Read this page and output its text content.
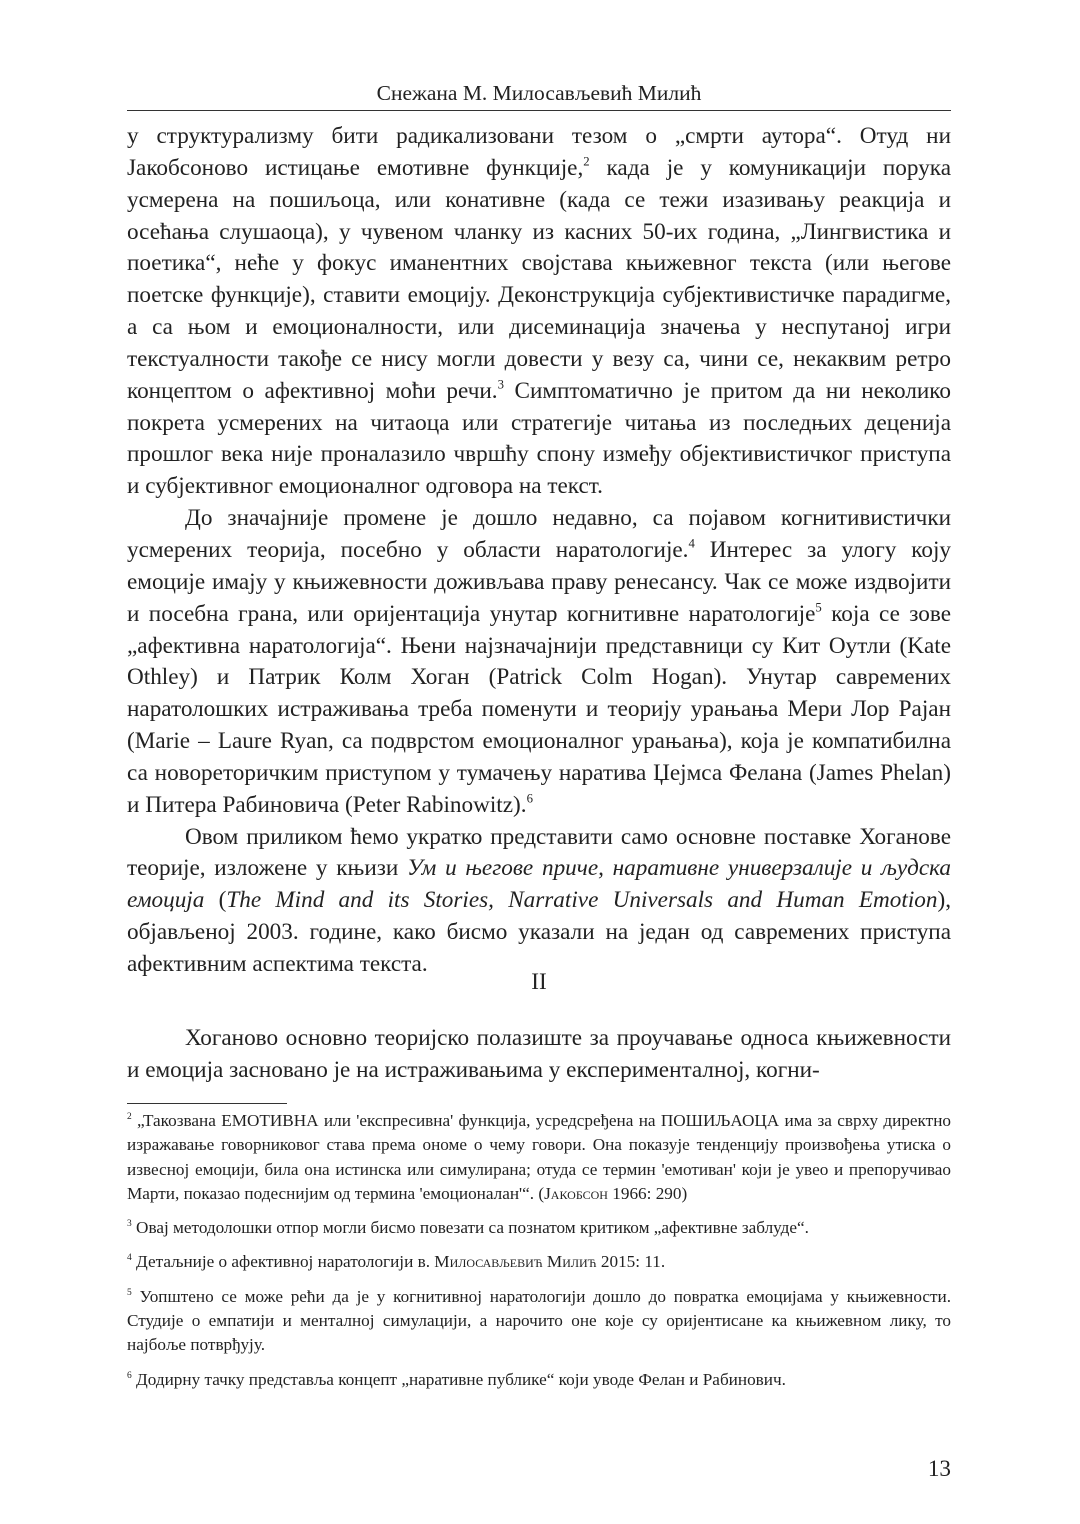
Снежана М. Милосављевић Милић

у структурализму бити радикализовани тезом о „смрти аутора“. Отуд ни Јакобсоново истицање емотивне функције,$^2$ када је у комуникацији порука усмерена на пошиљоца, или конативне (када се тежи изазивању реакција и осећања слушаоца), у чувеном чланку из касних 50-их година, „Лингвистика и поетика“, неће у фокус иманентних својстава књижевног текста (или његове поетске функције), ставити емоцију. Деконструкција субјективистичке парадигме, а са њом и емоционалности, или дисеминација значења у неспутаној игри текстуалности такође се нису могли довести у везу са, чини се, некаквим ретро концептом о афективној моћи речи.$^3$ Симптоматично је притом да ни неколико покрета усмерених на читаоца или стратегије читања из последњих деценија прошлог века није проналазило чвршћу спону између објективистичког приступа и субјективног емоционалног одговора на текст.

До значајније промене је дошло недавно, са појавом когнитивистички усмерених теорија, посебно у области наратологије.$^4$ Интерес за улогу коју емоције имају у књижевности доживљава праву ренесансу. Чак се може издвојити и посебна грана, или оријентација унутар когнитивне наратологије$^5$ која се зове „афективна наратологија“. Њени најзначајнији представници су Кит Оутли (Kate Othley) и Патрик Колм Хоган (Patrick Colm Hogan). Унутар савремених наратолошких истраживања треба поменути и теорију урањања Мери Лор Рајан (Marie – Laure Ryan, са подврстом емоционалног урањања), која је компатибилна са новореторичким приступом у тумачењу наратива Џејмса Фелана (James Phelan) и Питера Рабиновича (Peter Rabinowitz).$^6$

Овом приликом ћемо укратко представити само основне поставке Хоганове теорије, изложене у књизи Ум и његове приче, наративне универзалије и људска емоција (The Mind and its Stories, Narrative Universals and Human Emotion), објављеној 2003. године, како бисмо указали на један од савремених приступа афективним аспектима текста.

II

Хоганово основно теоријско полазиште за проучавање односа књижевности и емоција засновано је на истраживањима у експерименталној, когни-

$^2$ „Такозвана ЕМОТИВНА или 'експресивна' функција, усредсређена на ПОШИЉАОЦА има за сврху директно изражавање говорниковог става према ономе о чему говори. Она показује тенденцију произвођења утиска о извесној емоцији, била она истинска или симулирана; отуда се термин 'емотиван' који је увео и препоручивао Марти, показао подеснијим од термина 'емоционалан'“. (Јакобсон 1966: 290)

$^3$ Овај методолошки отпор могли бисмо повезати са познатом критиком „афективне заблуде“.

$^4$ Детаљније о афективној наратологији в. Милосављевић Милић 2015: 11.

$^5$ Уопштено се може рећи да је у когнитивној наратологији дошло до повратка емоцијама у књижевности. Студије о емпатији и менталној симулацији, а нарочито оне које су оријентисане ка књижевном лику, то најбоље потврђују.

$^6$ Додирну тачку представља концепт „наративне публике“ који уводе Фелан и Рабинович.

13
